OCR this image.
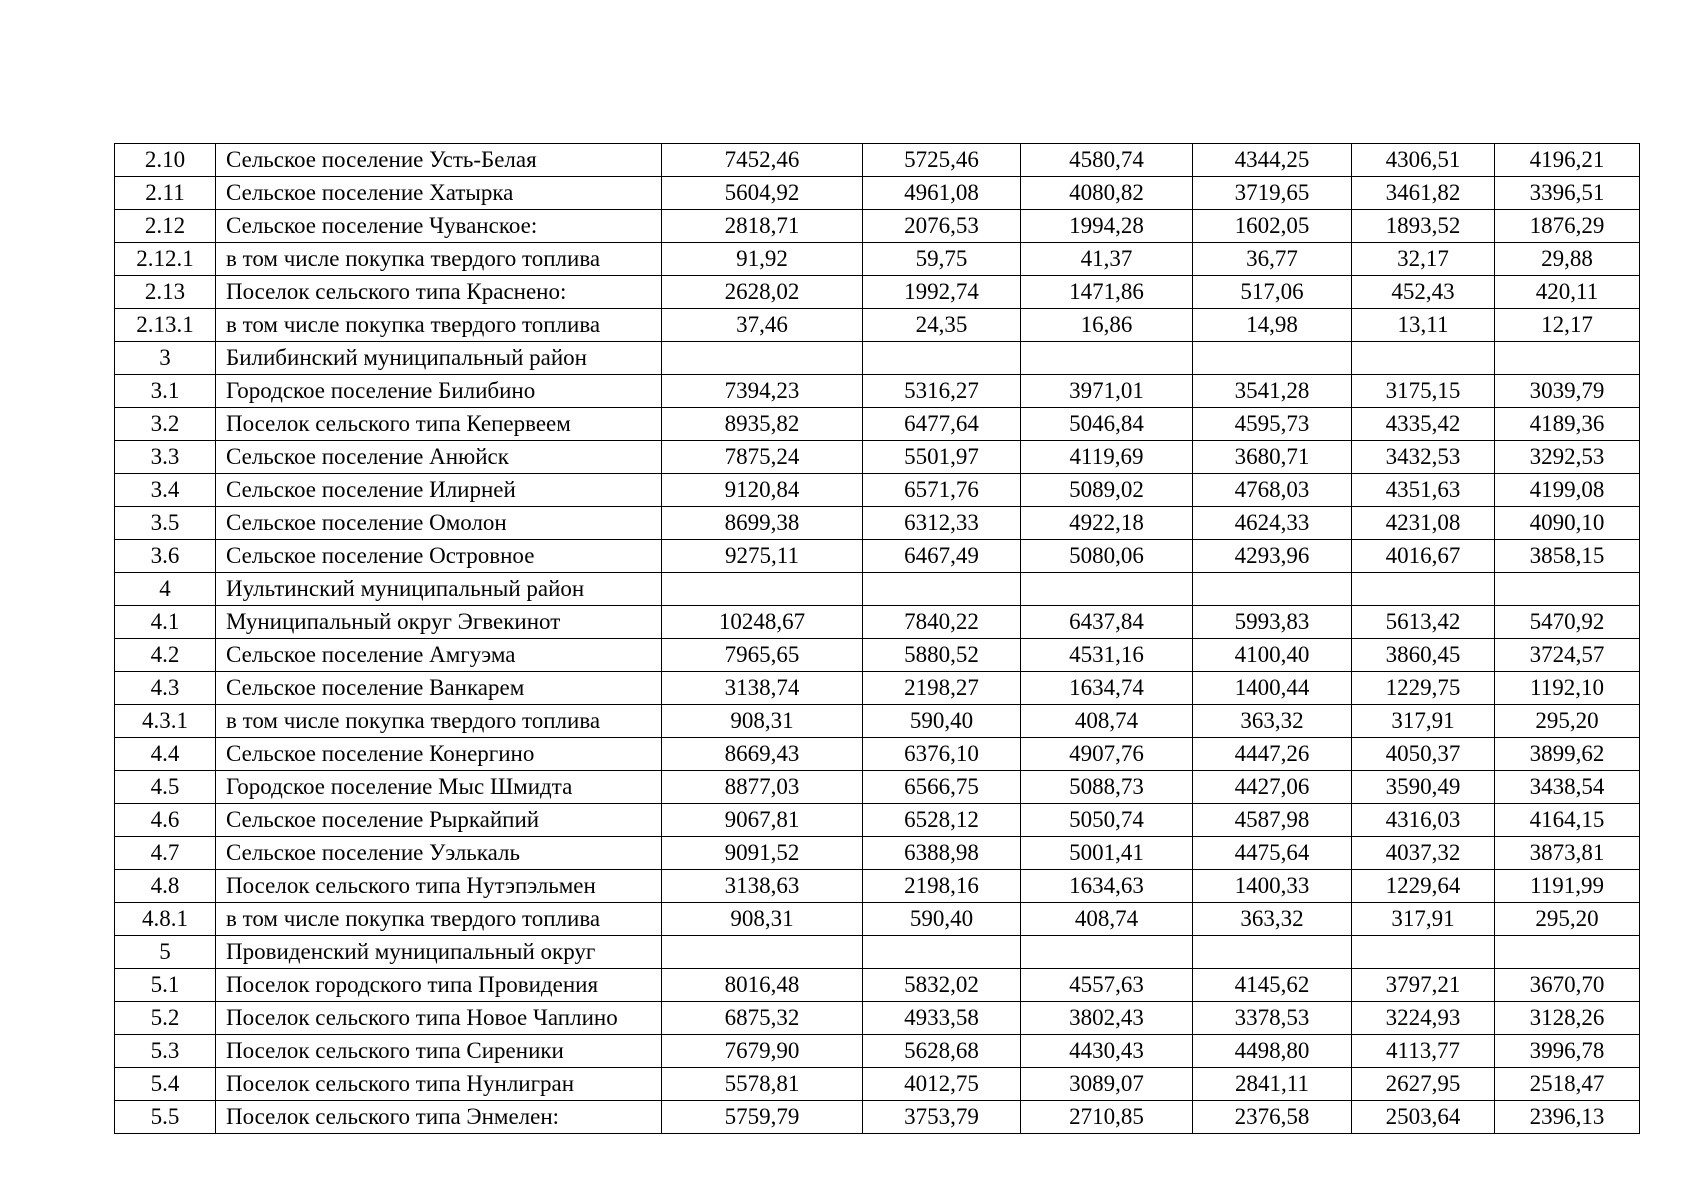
2.10	Сельское поселение Усть-Белая	7452,46	5725,46	4580,74	4344,25	4306,51	4196,21
2.11	Сельское поселение Хатырка	5604,92	4961,08	4080,82	3719,65	3461,82	3396,51
2.12	Сельское поселение Чуванское:	2818,71	2076,53	1994,28	1602,05	1893,52	1876,29
2.12.1	в том числе покупка твердого топлива	91,92	59,75	41,37	36,77	32,17	29,88
2.13	Поселок сельского типа Краснено:	2628,02	1992,74	1471,86	517,06	452,43	420,11
2.13.1	в том числе покупка твердого топлива	37,46	24,35	16,86	14,98	13,11	12,17
3	Билибинский муниципальный район						
3.1	Городское поселение Билибино	7394,23	5316,27	3971,01	3541,28	3175,15	3039,79
3.2	Поселок сельского типа Кепервеем	8935,82	6477,64	5046,84	4595,73	4335,42	4189,36
3.3	Сельское поселение Анюйск	7875,24	5501,97	4119,69	3680,71	3432,53	3292,53
3.4	Сельское поселение Илирней	9120,84	6571,76	5089,02	4768,03	4351,63	4199,08
3.5	Сельское поселение Омолон	8699,38	6312,33	4922,18	4624,33	4231,08	4090,10
3.6	Сельское поселение Островное	9275,11	6467,49	5080,06	4293,96	4016,67	3858,15
4	Иультинский муниципальный район						
4.1	Муниципальный округ Эгвекинот	10248,67	7840,22	6437,84	5993,83	5613,42	5470,92
4.2	Сельское поселение Амгуэма	7965,65	5880,52	4531,16	4100,40	3860,45	3724,57
4.3	Сельское поселение Ванкарем	3138,74	2198,27	1634,74	1400,44	1229,75	1192,10
4.3.1	в том числе покупка твердого топлива	908,31	590,40	408,74	363,32	317,91	295,20
4.4	Сельское поселение Конергино	8669,43	6376,10	4907,76	4447,26	4050,37	3899,62
4.5	Городское поселение Мыс Шмидта	8877,03	6566,75	5088,73	4427,06	3590,49	3438,54
4.6	Сельское поселение Рыркайпий	9067,81	6528,12	5050,74	4587,98	4316,03	4164,15
4.7	Сельское поселение Уэлькаль	9091,52	6388,98	5001,41	4475,64	4037,32	3873,81
4.8	Поселок сельского типа Нутэпэльмен	3138,63	2198,16	1634,63	1400,33	1229,64	1191,99
4.8.1	в том числе покупка твердого топлива	908,31	590,40	408,74	363,32	317,91	295,20
5	Провиденский муниципальный округ						
5.1	Поселок городского типа Провидения	8016,48	5832,02	4557,63	4145,62	3797,21	3670,70
5.2	Поселок сельского типа Новое Чаплино	6875,32	4933,58	3802,43	3378,53	3224,93	3128,26
5.3	Поселок сельского типа Сиреники	7679,90	5628,68	4430,43	4498,80	4113,77	3996,78
5.4	Поселок сельского типа Нунлигран	5578,81	4012,75	3089,07	2841,11	2627,95	2518,47
5.5	Поселок сельского типа Энмелен:	5759,79	3753,79	2710,85	2376,58	2503,64	2396,13
